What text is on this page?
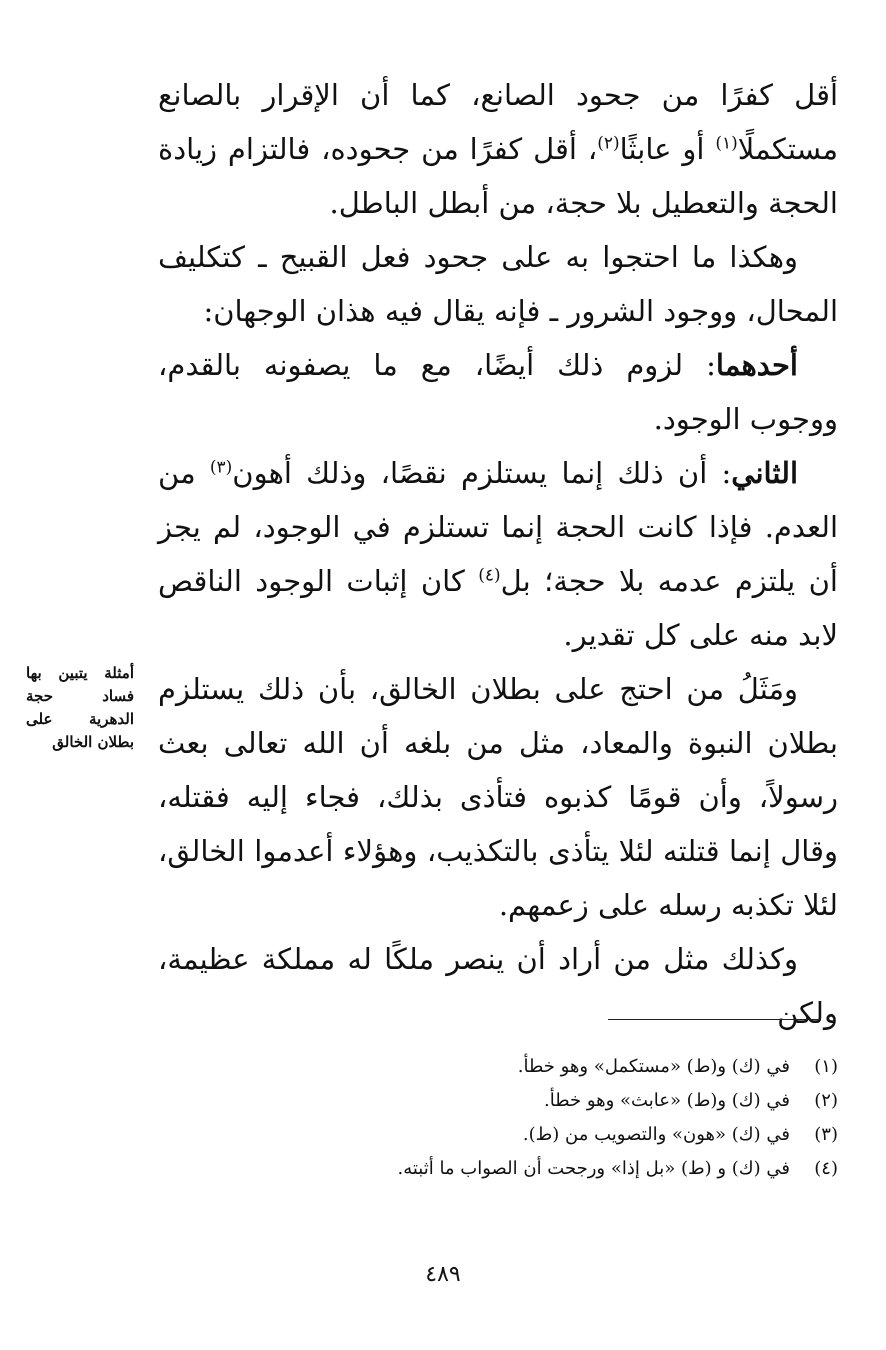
أقل كفرًا من جحود الصانع، كما أن الإقرار بالصانع مستكملًا$^{(١)}$ أو عابثًا$^{(٢)}$، أقل كفرًا من جحوده، فالتزام زيادة الحجة والتعطيل بلا حجة، من أبطل الباطل.

وهكذا ما احتجوا به على جحود فعل القبيح ـ كتكليف المحال، ووجود الشرور ـ فإنه يقال فيه هذان الوجهان:

أحدهما: لزوم ذلك أيضًا، مع ما يصفونه بالقدم، ووجوب الوجود.

الثاني: أن ذلك إنما يستلزم نقصًا، وذلك أهون$^{(٣)}$ من العدم. فإذا كانت الحجة إنما تستلزم في الوجود، لم يجز أن يلتزم عدمه بلا حجة؛ بل$^{(٤)}$ كان إثبات الوجود الناقص لابد منه على كل تقدير.

ومَثَلُ من احتج على بطلان الخالق، بأن ذلك يستلزم بطلان النبوة والمعاد، مثل من بلغه أن الله تعالى بعث رسولاً، وأن قومًا كذبوه فتأذى بذلك، فجاء إليه فقتله، وقال إنما قتلته لئلا يتأذى بالتكذيب، وهؤلاء أعدموا الخالق، لئلا تكذبه رسله على زعمهم.

وكذلك مثل من أراد أن ينصر ملكًا له مملكة عظيمة، ولكن

أمثلة يتبين بها فساد حجة الدهرية على بطلان الخالق
(١)
في (ك) و(ط) «مستكمل» وهو خطأ.
(٢)
في (ك) و(ط) «عابث» وهو خطأ.
(٣)
في (ك) «هون» والتصويب من (ط).
(٤)
في (ك) و (ط) «بل إذا» ورجحت أن الصواب ما أثبته.
٤٨٩
